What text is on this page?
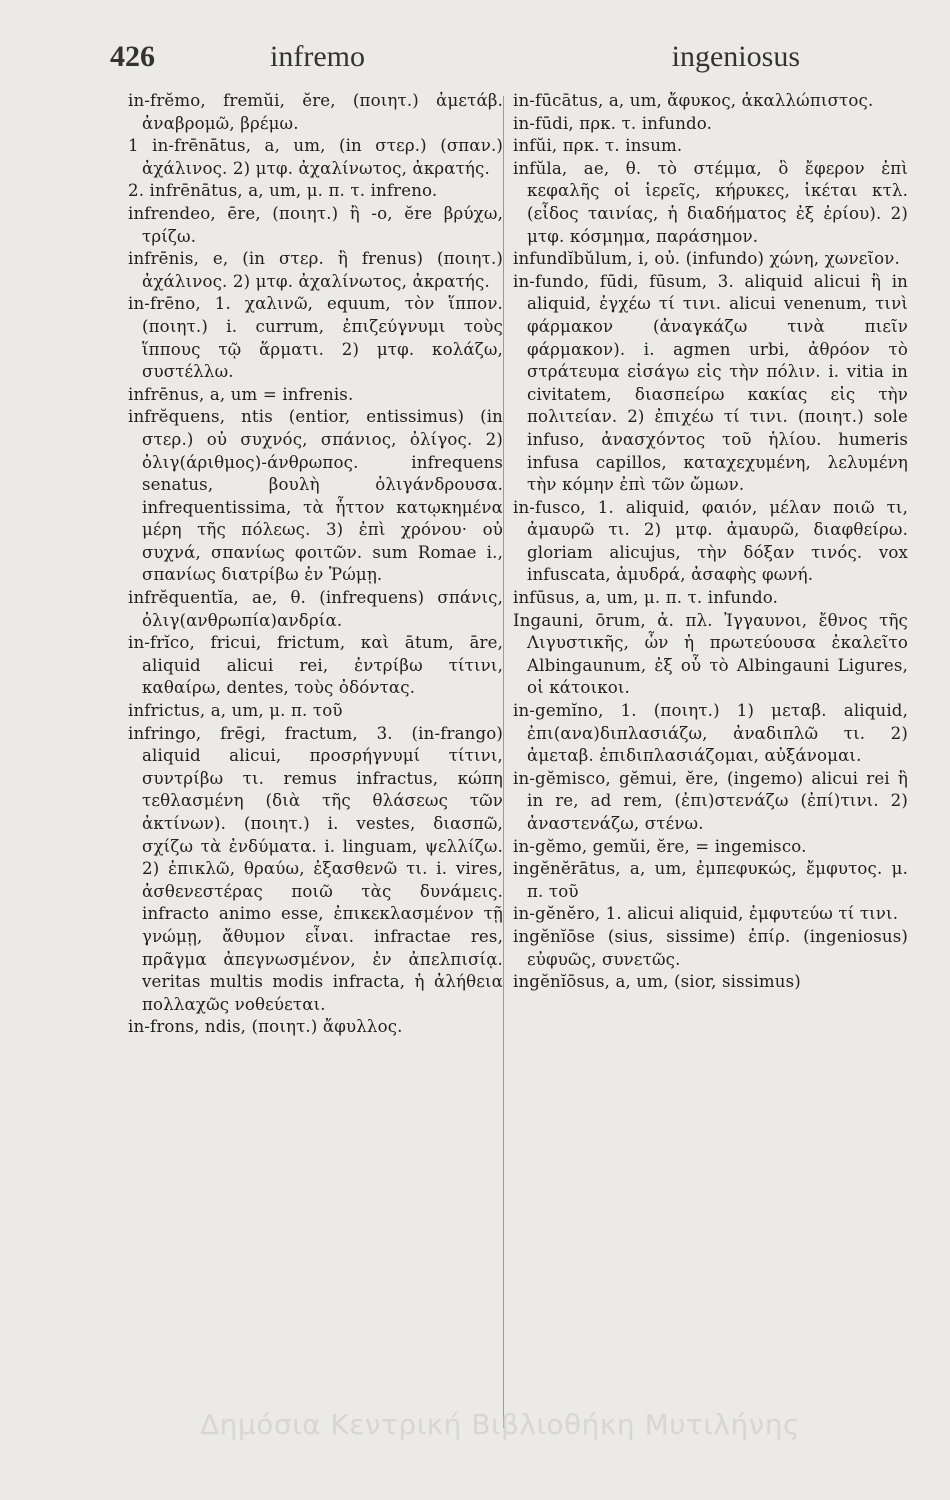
426	infremo	ingeniosus
in-frĕmo, fremŭi, ĕre, (ποιητ.) ἀμετάβ. ἀναβρομῶ, βρέμω.
1 in-frēnātus, a, um, (in στερ.) (σπαν.) ἀχάλινος. 2) μτφ. ἀχαλίνωτος, ἀκρατής.
2. infrēnātus, a, um, μ. π. τ. infreno.
infrendeo, ēre, (ποιητ.) ἢ -o, ĕre βρύχω, τρίζω.
infrēnis, e, (in στερ. ἢ frenus) (ποιητ.) ἀχάλινος. 2) μτφ. ἀχαλίνωτος, ἀκρατής.
in-frēno, 1. χαλινῶ, equum, τὸν ἵππον. (ποιητ.) i. currum, ἐπιζεύγνυμι τοὺς ἵππους τῷ ἅρματι. 2) μτφ. κολάζω, συστέλλω.
infrēnus, a, um = infrenis.
infrĕquens, ntis (entior, entissimus) (in στερ.) οὐ συχνός, σπάνιος, ὀλίγος. 2) ὀλιγ(άριθμος)-άνθρωπος. infrequens senatus, βουλὴ ὀλιγάνδρουσα. infrequentissima, τὰ ἧττον κατῳκημένα μέρη τῆς πόλεως. 3) ἐπὶ χρόνου· οὐ συχνά, σπανίως φοιτῶν. sum Romae i., σπανίως διατρίβω ἐν Ῥώμῃ.
infrĕquentĭa, ae, θ. (infrequens) σπάνις, ὀλιγ(ανθρωπία)ανδρία.
in-frĭco, fricui, frictum, καὶ ātum, āre, aliquid alicui rei, ἐντρίβω τίτινι, καθαίρω, dentes, τοὺς ὀδόντας.
infrictus, a, um, μ. π. τοῦ
infringo, frēgi, fractum, 3. (in-frango) aliquid alicui, προσρήγνυμί τίτινι, συντρίβω τι. remus infractus, κώπη τεθλασμένη (διὰ τῆς θλάσεως τῶν ἀκτίνων). (ποιητ.) i. vestes, διασπῶ, σχίζω τὰ ἐνδύματα. i. linguam, ψελλίζω. 2) ἐπικλῶ, θραύω, ἐξασθενῶ τι. i. vires, ἀσθενεστέρας ποιῶ τὰς δυνάμεις. infracto animo esse, ἐπικεκλασμένον τῇ γνώμῃ, ἄθυμον εἶναι. infractae res, πρᾶγμα ἀπεγνωσμένον, ἐν ἀπελπισίᾳ. veritas multis modis infracta, ἡ ἀλήθεια πολλαχῶς νοθεύεται.
in-frons, ndis, (ποιητ.) ἄφυλλος.
in-fūcātus, a, um, ἄφυκος, ἀκαλλώπιστος.
in-fūdi, πρκ. τ. infundo.
infŭi, πρκ. τ. insum.
infŭla, ae, θ. τὸ στέμμα, ὃ ἔφερον ἐπὶ κεφαλῆς οἱ ἱερεῖς, κήρυκες, ἱκέται κτλ. (εἶδος ταινίας, ἡ διαδήματος ἐξ ἐρίου). 2) μτφ. κόσμημα, παράσημον.
infundĭbŭlum, i, οὐ. (infundo) χώνη, χωνεῖον.
in-fundo, fūdi, fūsum, 3. aliquid alicui ἢ in aliquid, ἐγχέω τί τινι. alicui venenum, τινὶ φάρμακον (ἀναγκάζω τινὰ πιεῖν φάρμακον). i. agmen urbi, ἀθρόον τὸ στράτευμα εἰσάγω εἰς τὴν πόλιν. i. vitia in civitatem, διασπείρω κακίας εἰς τὴν πολιτείαν. 2) ἐπιχέω τί τινι. (ποιητ.) sole infuso, ἀνασχόντος τοῦ ἡλίου. humeris infusa capillos, καταχεχυμένη, λελυμένη τὴν κόμην ἐπὶ τῶν ὤμων.
in-fusco, 1. aliquid, φαιόν, μέλαν ποιῶ τι, ἀμαυρῶ τι. 2) μτφ. ἀμαυρῶ, διαφθείρω. gloriam alicujus, τὴν δόξαν τινός. vox infuscata, ἀμυδρά, ἀσαφὴς φωνή.
infūsus, a, um, μ. π. τ. infundo.
Ingauni, ōrum, ἀ. πλ. Ἰγγαυνοι, ἔθνος τῆς Λιγυστικῆς, ὧν ἡ πρωτεύουσα ἐκαλεῖτο Albingaunum, ἐξ οὗ τὸ Albingauni Ligures, οἱ κάτοικοι.
in-gemĭno, 1. (ποιητ.) 1) μεταβ. aliquid, ἐπι(ανα)διπλασιάζω, ἀναδιπλῶ τι. 2) ἀμεταβ. ἐπιδιπλασιάζομαι, αὐξάνομαι.
in-gĕmisco, gĕmui, ĕre, (ingemo) alicui rei ἢ in re, ad rem, (ἐπι)στενάζω (ἐπί)τινι. 2) ἀναστενάζω, στένω.
in-gĕmo, gemŭi, ĕre, = ingemisco.
ingĕnĕrātus, a, um, ἐμπεφυκώς, ἔμφυτος. μ. π. τοῦ
in-gĕnĕro, 1. alicui aliquid, ἐμφυτεύω τί τινι.
ingĕnĭōse (sius, sissime) ἐπίρ. (ingeniosus) εὐφυῶς, συνετῶς.
ingĕnĭōsus, a, um, (sior, sissimus)
Δημόσια Κεντρική Βιβλιοθήκη Μυτιλήνης
